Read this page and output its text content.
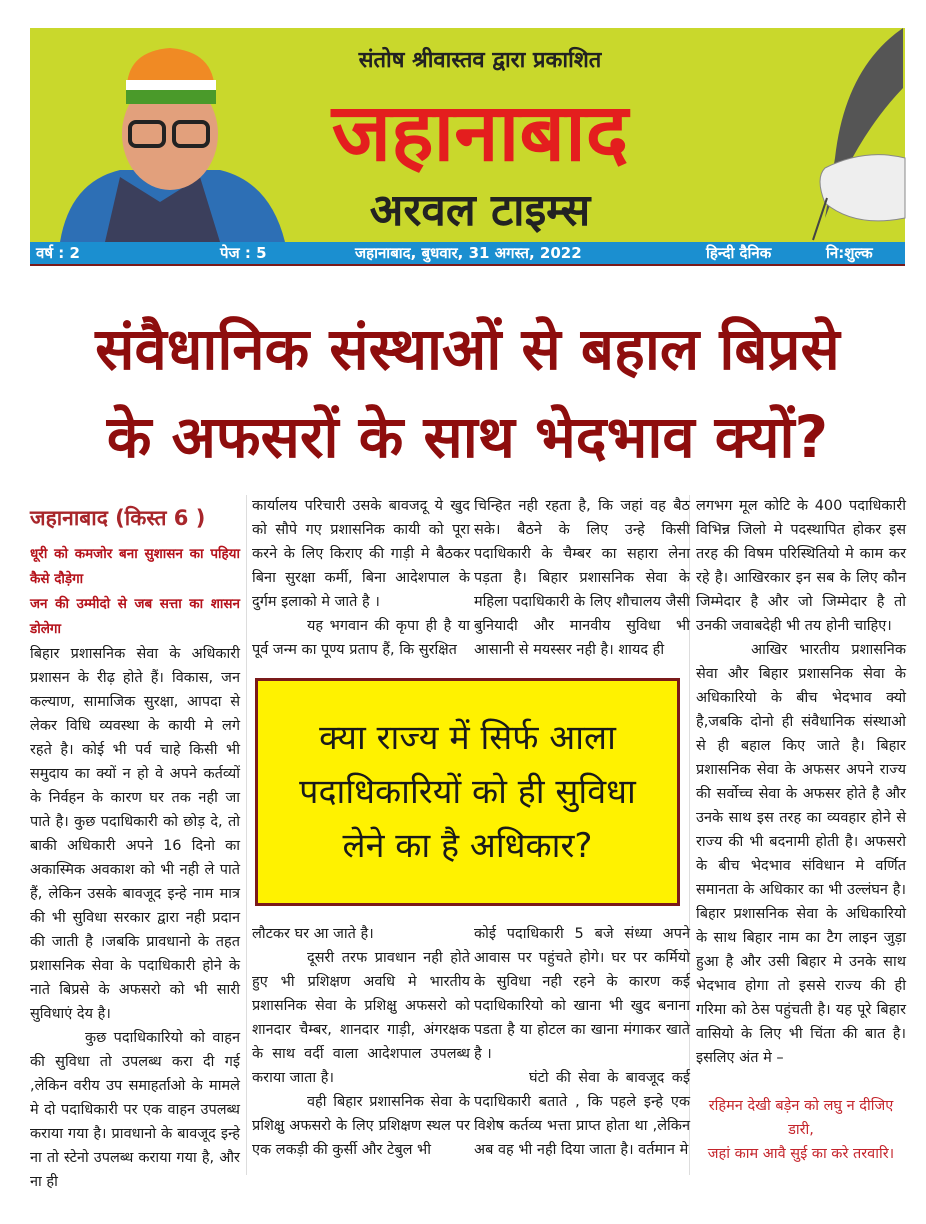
संतोष श्रीवास्तव द्वारा प्रकाशित
जहानाबाद
अरवल टाइम्स
वर्ष : 2	पेज : 5	जहानाबाद, बुधवार, 31 अगस्त, 2022	हिन्दी दैनिक	नि:शुल्क
संवैधानिक संस्थाओं से बहाल बिप्रसे
के अफसरों के साथ भेदभाव क्यों?
जहानाबाद (किस्त 6 )
धूरी को कमजोर बना सुशासन का पहिया कैसे दौड़ेगा
जन की उम्मीदो से जब सत्ता का शासन डोलेगा

बिहार प्रशासनिक सेवा के अधिकारी प्रशासन के रीढ़ होते हैं। विकास, जन कल्याण, सामाजिक सुरक्षा, आपदा से लेकर विधि व्यवस्था के कायी मे लगे रहते है। कोई भी पर्व चाहे किसी भी समुदाय का क्यों न हो वे अपने कर्तव्यों के निर्वहन के कारण घर तक नही जा पाते है। कुछ पदाधिकारी को छोड़ दे, तो बाकी अधिकारी अपने 16 दिनो का अकास्मिक अवकाश को भी नही ले पाते हैं, लेकिन उसके बावजूद इन्हे नाम मात्र की भी सुविधा सरकार द्वारा नही प्रदान की जाती है ।जबकि प्रावधानो के तहत प्रशासनिक सेवा के पदाधिकारी होने के नाते बिप्रसे के अफसरो को भी सारी सुविधाएं देय है।

कुछ पदाधिकारियो को वाहन की सुविधा तो उपलब्ध करा दी गई ,लेकिन वरीय उप समाहर्ताओ के मामले मे दो पदाधिकारी पर एक वाहन उपलब्ध कराया गया है। प्रावधानो के बावजूद इन्हे ना तो स्टेनो उपलब्ध कराया गया है, और ना ही

कार्यालय परिचारी उसके बावजदू ये खुद को सौपे गए प्रशासनिक कायी को पूरा करने के लिए किराए की गाड़ी मे बैठकर बिना सुरक्षा कर्मी, बिना आदेशपाल के दुर्गम इलाको मे जाते है ।

यह भगवान की कृपा ही है या पूर्व जन्म का पूण्य प्रताप हैं, कि सुरक्षित

चिन्हित नही रहता है, कि जहां वह बैठ सके। बैठने के लिए उन्हे किसी पदाधिकारी के चैम्बर का सहारा लेना पड़ता है। बिहार प्रशासनिक सेवा के महिला पदाधिकारी के लिए शौचालय जैसी बुनियादी और मानवीय सुविधा भी आसानी से मयस्सर नही है। शायद ही

क्या राज्य में सिर्फ आला पदाधिकारियों को ही सुविधा लेने का है अधिकार?

लौटकर घर आ जाते है।

दूसरी तरफ प्रावधान नही होते हुए भी प्रशिक्षण अवधि मे भारतीय प्रशासनिक सेवा के प्रशिक्षु अफसरो को शानदार चैम्बर, शानदार गाड़ी, अंगरक्षक के साथ वर्दी वाला आदेशपाल उपलब्ध कराया जाता है।

वही बिहार प्रशासनिक सेवा के प्रशिक्षु अफसरो के लिए प्रशिक्षण स्थल पर एक लकड़ी की कुर्सी और टेबुल भी

कोई पदाधिकारी 5 बजे संध्या अपने आवास पर पहुंचते होगे। घर पर कर्मियो के सुविधा नही रहने के कारण कई पदाधिकारियो को खाना भी खुद बनाना पडता है या होटल का खाना मंगाकर खाते है ।

घंटो की सेवा के बावजूद कई पदाधिकारी बताते , कि पहले इन्हे एक विशेष कर्तव्य भत्ता प्राप्त होता था ,लेकिन अब वह भी नही दिया जाता है। वर्तमान मे

लगभग मूल कोटि के 400 पदाधिकारी विभिन्न जिलो मे पदस्थापित होकर इस तरह की विषम परिस्थितियो मे काम कर रहे है। आखिरकार इन सब के लिए कौन जिम्मेदार है और जो जिम्मेदार है तो उनकी जवाबदेही भी तय होनी चाहिए।

आखिर भारतीय प्रशासनिक सेवा और बिहार प्रशासनिक सेवा के अधिकारियो के बीच भेदभाव क्यो है,जबकि दोनो ही संवैधानिक संस्थाओ से ही बहाल किए जाते है। बिहार प्रशासनिक सेवा के अफसर अपने राज्य की सर्वोच्च सेवा के अफसर होते है और उनके साथ इस तरह का व्यवहार होने से राज्य की भी बदनामी होती है। अफसरो के बीच भेदभाव संविधान मे वर्णित समानता के अधिकार का भी उल्लंघन है। बिहार प्रशासनिक सेवा के अधिकारियो के साथ बिहार नाम का टैग लाइन जुड़ा हुआ है और उसी बिहार मे उनके साथ भेदभाव होगा तो इससे राज्य की ही गरिमा को ठेस पहुंचती है। यह पूरे बिहार वासियो के लिए भी चिंता की बात है। इसलिए अंत मे –

रहिमन देखी बड़ेन को लघु न दीजिए डारी,
जहां काम आवै सुई का करे तरवारि।
